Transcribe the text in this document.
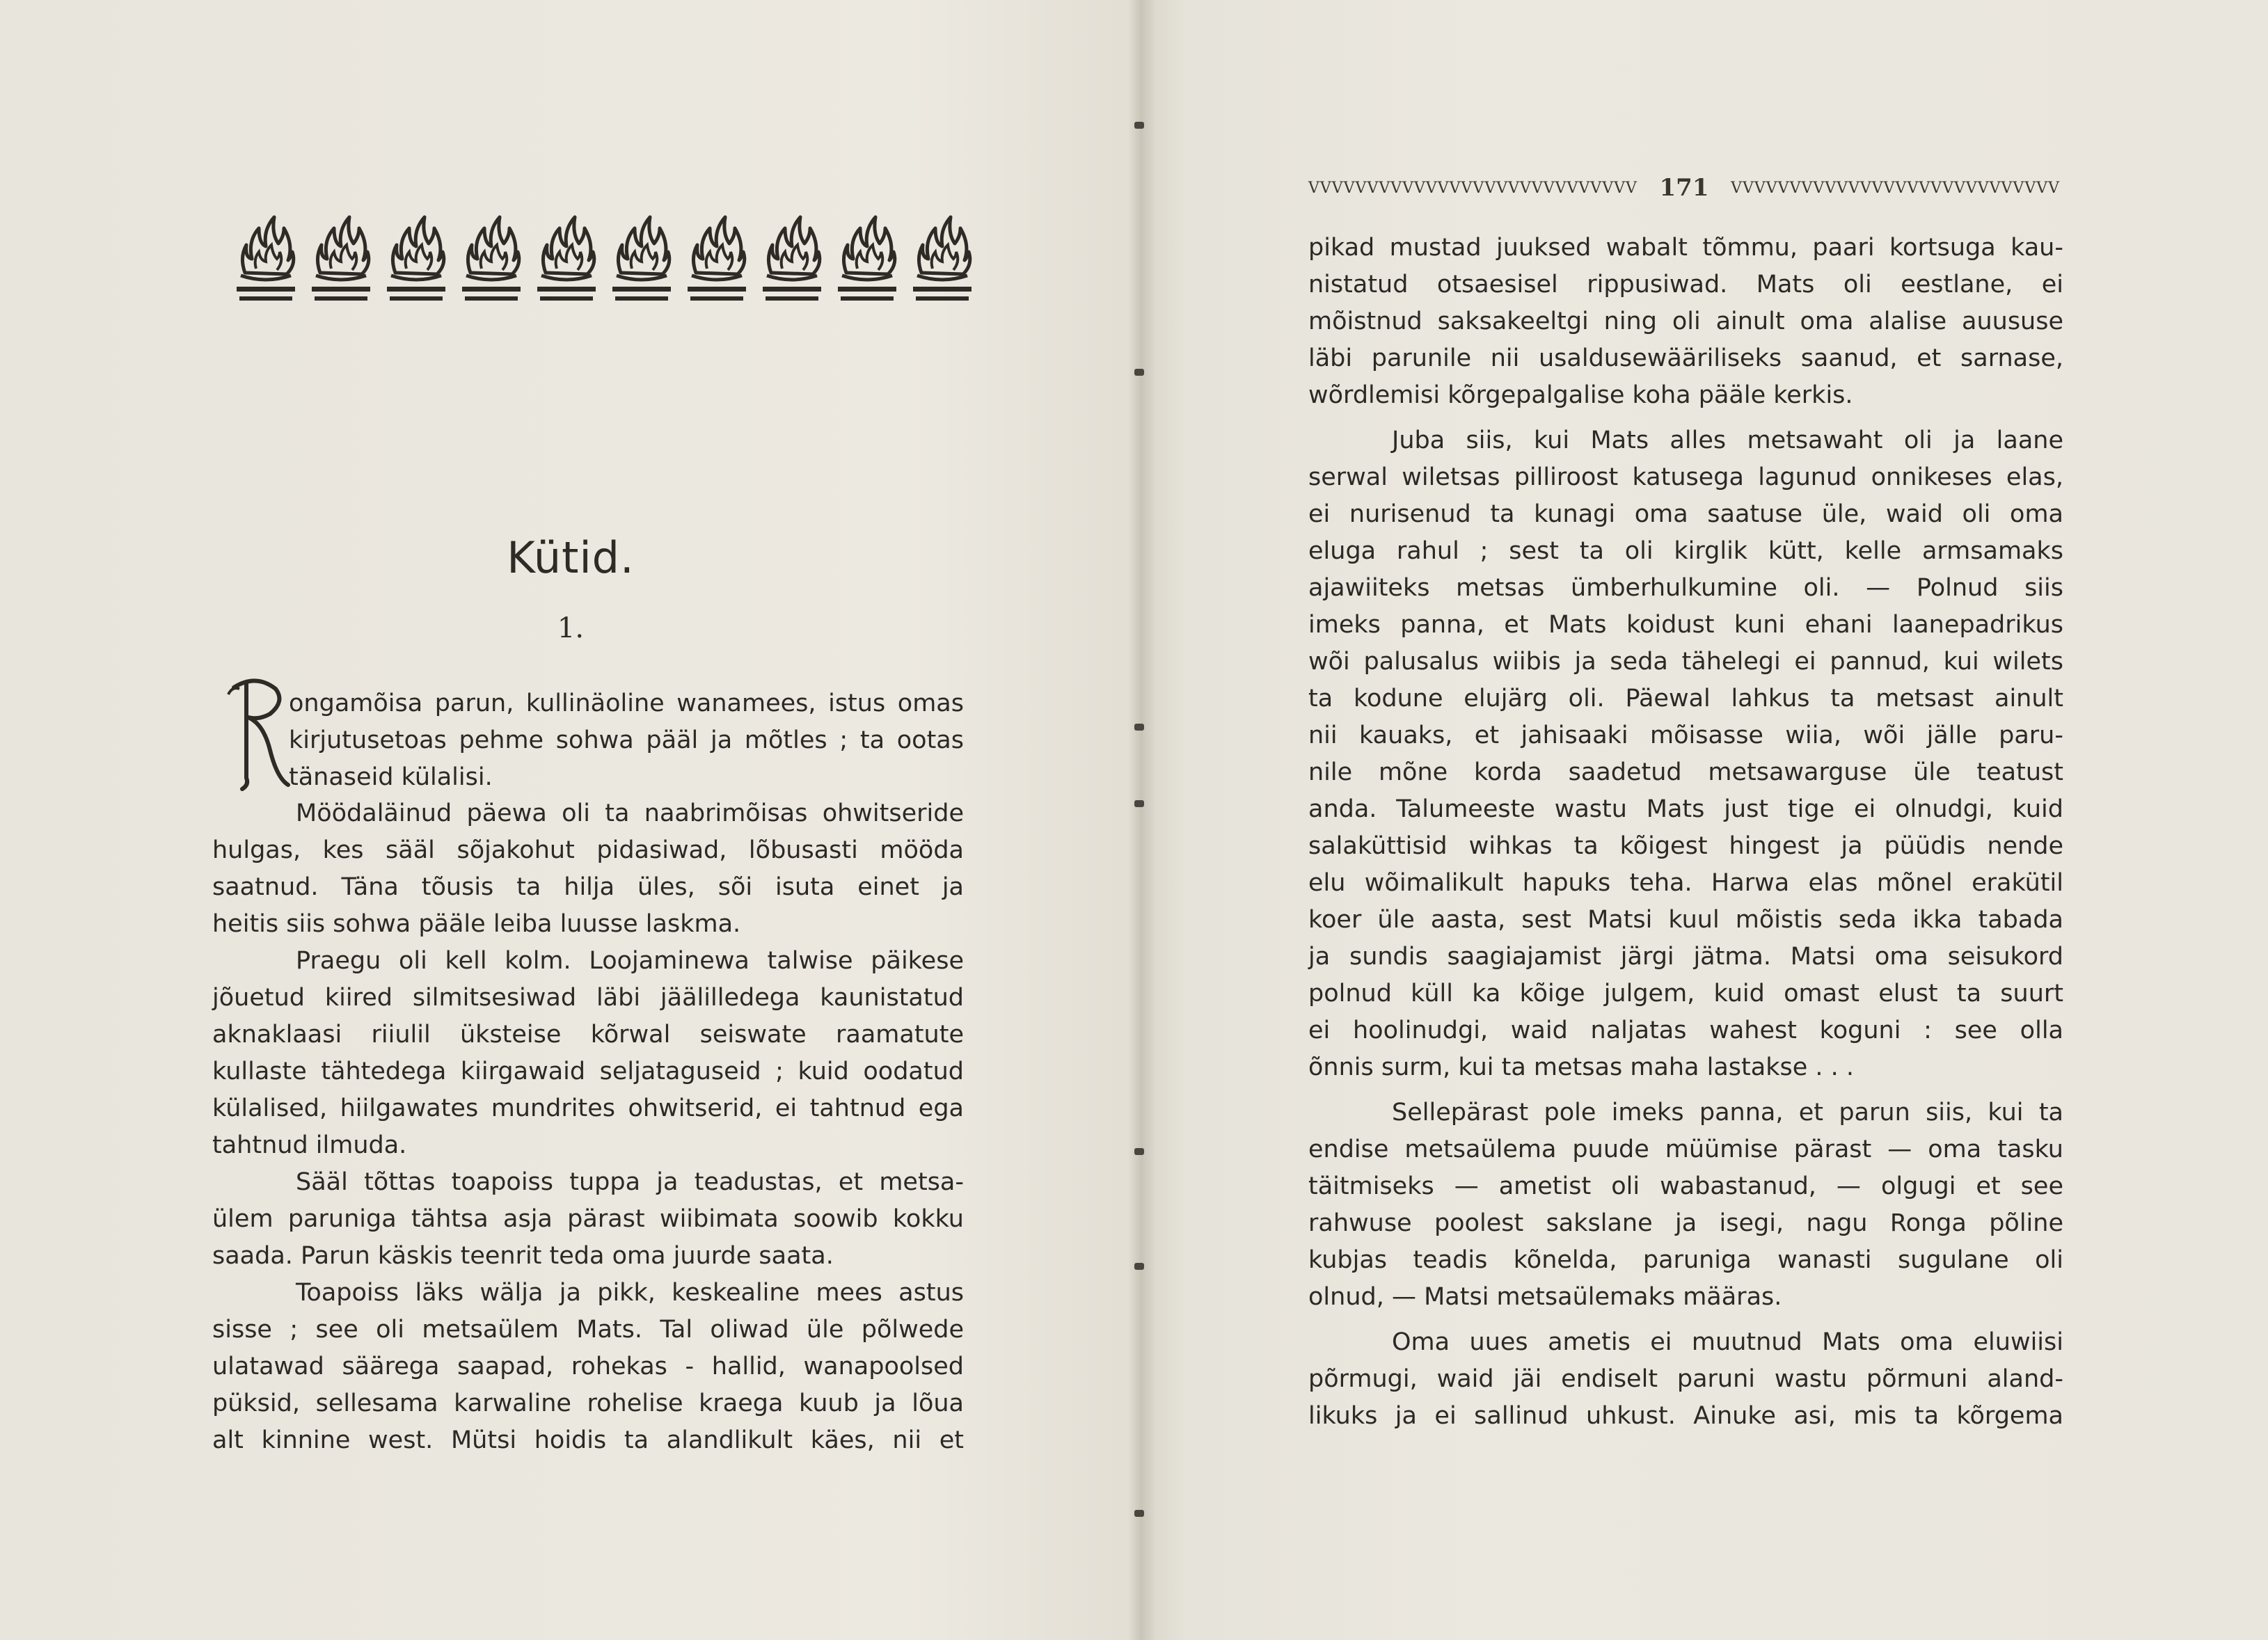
Kütid.
1.
R
ongamõisa parun, kullinäoline wanamees, istus omas
kirjutusetoas pehme sohwa pääl ja mõtles ; ta ootas
tänaseid külalisi.
Möödaläinud päewa oli ta naabrimõisas ohwitseride
hulgas, kes sääl sõjakohut pidasiwad, lõbusasti mööda
saatnud. Täna tõusis ta hilja üles, sõi isuta einet ja
heitis siis sohwa pääle leiba luusse laskma.
Praegu oli kell kolm. Loojaminewa talwise päikese
jõuetud kiired silmitsesiwad läbi jäälilledega kaunistatud
aknaklaasi riiulil üksteise kõrwal seiswate raamatute
kullaste tähtedega kiirgawaid seljataguseid ; kuid oodatud
külalised, hiilgawates mundrites ohwitserid, ei tahtnud ega
tahtnud ilmuda.
Sääl tõttas toapoiss tuppa ja teadustas, et metsa-
ülem paruniga tähtsa asja pärast wiibimata soowib kokku
saada. Parun käskis teenrit teda oma juurde saata.
Toapoiss läks wälja ja pikk, keskealine mees astus
sisse ; see oli metsaülem Mats. Tal oliwad üle põlwede
ulatawad säärega saapad, rohekas - hallid, wanapoolsed
püksid, sellesama karwaline rohelise kraega kuub ja lõua
alt kinnine west. Mütsi hoidis ta alandlikult käes, nii et
VVVVVVVVVVVVVVVVVVVVVVVVVVVV 171	VVVVVVVVVVVVVVVVVVVVVVVVVVVV
pikad mustad juuksed wabalt tõmmu, paari kortsuga kau-
nistatud otsaesisel rippusiwad. Mats oli eestlane, ei
mõistnud saksakeeltgi ning oli ainult oma alalise auususe
läbi parunile nii usaldusewääriliseks saanud, et sarnase,
wõrdlemisi kõrgepalgalise koha pääle kerkis.
Juba siis, kui Mats alles metsawaht oli ja laane
serwal wiletsas pilliroost katusega lagunud onnikeses elas,
ei nurisenud ta kunagi oma saatuse üle, waid oli oma
eluga rahul ; sest ta oli kirglik kütt, kelle armsamaks
ajawiiteks metsas ümberhulkumine oli. — Polnud siis
imeks panna, et Mats koidust kuni ehani laanepadrikus
wõi palusalus wiibis ja seda tähelegi ei pannud, kui wilets
ta kodune elujärg oli. Päewal lahkus ta metsast ainult
nii kauaks, et jahisaaki mõisasse wiia, wõi jälle paru-
nile mõne korda saadetud metsawarguse üle teatust
anda. Talumeeste wastu Mats just tige ei olnudgi, kuid
salaküttisid wihkas ta kõigest hingest ja püüdis nende
elu wõimalikult hapuks teha. Harwa elas mõnel erakütil
koer üle aasta, sest Matsi kuul mõistis seda ikka tabada
ja sundis saagiajamist järgi jätma. Matsi oma seisukord
polnud küll ka kõige julgem, kuid omast elust ta suurt
ei hoolinudgi, waid naljatas wahest koguni : see olla
õnnis surm, kui ta metsas maha lastakse . . .
Sellepärast pole imeks panna, et parun siis, kui ta
endise metsaülema puude müümise pärast — oma tasku
täitmiseks — ametist oli wabastanud, — olgugi et see
rahwuse poolest sakslane ja isegi, nagu Ronga põline
kubjas teadis kõnelda, paruniga wanasti sugulane oli
olnud, — Matsi metsaülemaks määras.
Oma uues ametis ei muutnud Mats oma eluwiisi
põrmugi, waid jäi endiselt paruni wastu põrmuni aland-
likuks ja ei sallinud uhkust. Ainuke asi, mis ta kõrgema
